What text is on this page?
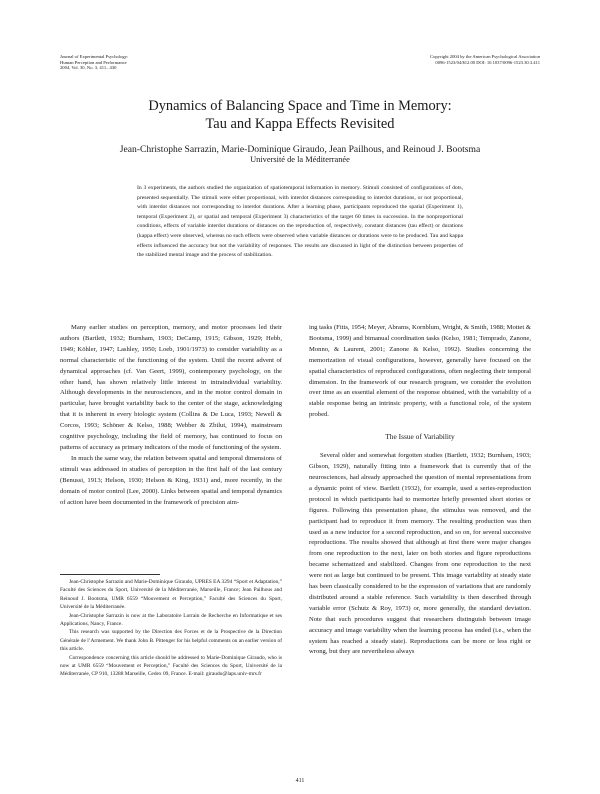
Journal of Experimental Psychology:
Human Perception and Performance
2004, Vol. 30, No. 3, 411– 430
Copyright 2004 by the American Psychological Association
0096-1523/04/$12.00 DOI: 10.1037/0096-1523.30.3.411
Dynamics of Balancing Space and Time in Memory:
Tau and Kappa Effects Revisited
Jean-Christophe Sarrazin, Marie-Dominique Giraudo, Jean Pailhous, and Reinoud J. Bootsma
Université de la Méditerranée
In 3 experiments, the authors studied the organization of spatiotemporal information in memory. Stimuli consisted of configurations of dots, presented sequentially. The stimuli were either proportional, with interdot distances corresponding to interdot durations, or not proportional, with interdot distances not corresponding to interdot durations. After a learning phase, participants reproduced the spatial (Experiment 1), temporal (Experiment 2), or spatial and temporal (Experiment 3) characteristics of the target 60 times in succession. In the nonproportional conditions, effects of variable interdot durations or distances on the reproduction of, respectively, constant distances (tau effect) or durations (kappa effect) were observed, whereas no such effects were observed when variable distances or durations were to be produced. Tau and kappa effects influenced the accuracy but not the variability of responses. The results are discussed in light of the distinction between properties of the stabilized mental image and the process of stabilization.

Many earlier studies on perception, memory, and motor processes led their authors (Bartlett, 1932; Burnham, 1903; DeCamp, 1915; Gibson, 1929; Hebb, 1949; Köhler, 1947; Lashley, 1950; Loeb, 1901/1973) to consider variability as a normal characteristic of the functioning of the system. Until the recent advent of dynamical approaches (cf. Van Geert, 1999), contemporary psychology, on the other hand, has shown relatively little interest in intraindividual variability. Although developments in the neurosciences, and in the motor control domain in particular, have brought variability back to the center of the stage, acknowledging that it is inherent in every biologic system (Collins & De Luca, 1993; Newell & Corcos, 1993; Schöner & Kelso, 1988; Webber & Zbilut, 1994), mainstream cognitive psychology, including the field of memory, has continued to focus on patterns of accuracy as primary indicators of the mode of functioning of the system.

In much the same way, the relation between spatial and temporal dimensions of stimuli was addressed in studies of perception in the first half of the last century (Benussi, 1913; Helson, 1930; Helson & King, 1931) and, more recently, in the domain of motor control (Lee, 2000). Links between spatial and temporal dynamics of action have been documented in the framework of precision aim-

ing tasks (Fitts, 1954; Meyer, Abrams, Kornblum, Wright, & Smith, 1988; Mottet & Bootsma, 1999) and bimanual coordination tasks (Kelso, 1981; Temprado, Zanone, Monno, & Laurent, 2001; Zanone & Kelso, 1992). Studies concerning the memorization of visual configurations, however, generally have focused on the spatial characteristics of reproduced configurations, often neglecting their temporal dimension. In the framework of our research program, we consider the evolution over time as an essential element of the response obtained, with the variability of a stable response being an intrinsic property, with a functional role, of the system probed.

The Issue of Variability

Several older and somewhat forgotten studies (Bartlett, 1932; Burnham, 1903; Gibson, 1929), naturally fitting into a framework that is currently that of the neurosciences, had already approached the question of mental representations from a dynamic point of view. Bartlett (1932), for example, used a series-reproduction protocol in which participants had to memorize briefly presented short stories or figures. Following this presentation phase, the stimulus was removed, and the participant had to reproduce it from memory. The resulting production was then used as a new inductor for a second reproduction, and so on, for several successive reproductions. The results showed that although at first there were major changes from one reproduction to the next, later on both stories and figure reproductions became schematized and stabilized. Changes from one reproduction to the next were not as large but continued to be present. This image variability at steady state has been classically considered to be the expression of variations that are randomly distributed around a stable reference. Such variability is then described through variable error (Schutz & Roy, 1973) or, more generally, the standard deviation. Note that such procedures suggest that researchers distinguish between image accuracy and image variability when the learning process has ended (i.e., when the system has reached a steady state). Reproductions can be more or less right or wrong, but they are nevertheless always

Jean-Christophe Sarrazin and Marie-Dominique Giraudo, UPRES EA 3294 “Sport et Adaptation,” Faculté des Sciences du Sport, Université de la Méditerranée, Marseille, France; Jean Pailhous and Reinoud J. Bootsma, UMR 6559 “Mouvement et Perception,” Faculté des Sciences du Sport, Université de la Méditerranée.

Jean-Christophe Sarrazin is now at the Laboratoire Lorrain de Recherche en Informatique et ses Applications, Nancy, France.

This research was supported by the Direction des Forces et de la Prospective de la Direction Générale de l’Armement. We thank John B. Pittenger for his helpful comments on an earlier version of this article.

Correspondence concerning this article should be addressed to Marie-Dominique Giraudo, who is now at UMR 6559 “Mouvement et Perception,” Faculté des Sciences du Sport, Université de la Méditerranée, CP 910, 13288 Marseille, Cedex 09, France. E-mail: giraudo@laps.univ-mrs.fr

411
